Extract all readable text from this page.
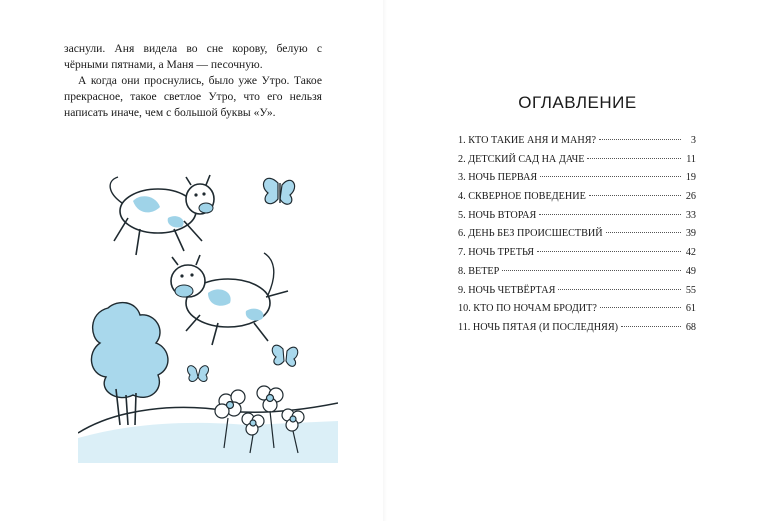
заснули. Аня видела во сне корову, белую с чёрными пятнами, а Маня — песочную.

А когда они проснулись, было уже Утро. Такое прекрасное, такое светлое Утро, что его нельзя написать иначе, чем с большой буквы «У».

ОГЛАВЛЕНИЕ
1. КТО ТАКИЕ АНЯ И МАНЯ?	3
2. ДЕТСКИЙ САД НА ДАЧЕ	11
3. НОЧЬ ПЕРВАЯ	19
4. СКВЕРНОЕ ПОВЕДЕНИЕ	26
5. НОЧЬ ВТОРАЯ	33
6. ДЕНЬ БЕЗ ПРОИСШЕСТВИЙ	39
7. НОЧЬ ТРЕТЬЯ	42
8. ВЕТЕР	49
9. НОЧЬ ЧЕТВЁРТАЯ	55
10. КТО ПО НОЧАМ БРОДИТ?	61
11. НОЧЬ ПЯТАЯ (И ПОСЛЕДНЯЯ)	68
